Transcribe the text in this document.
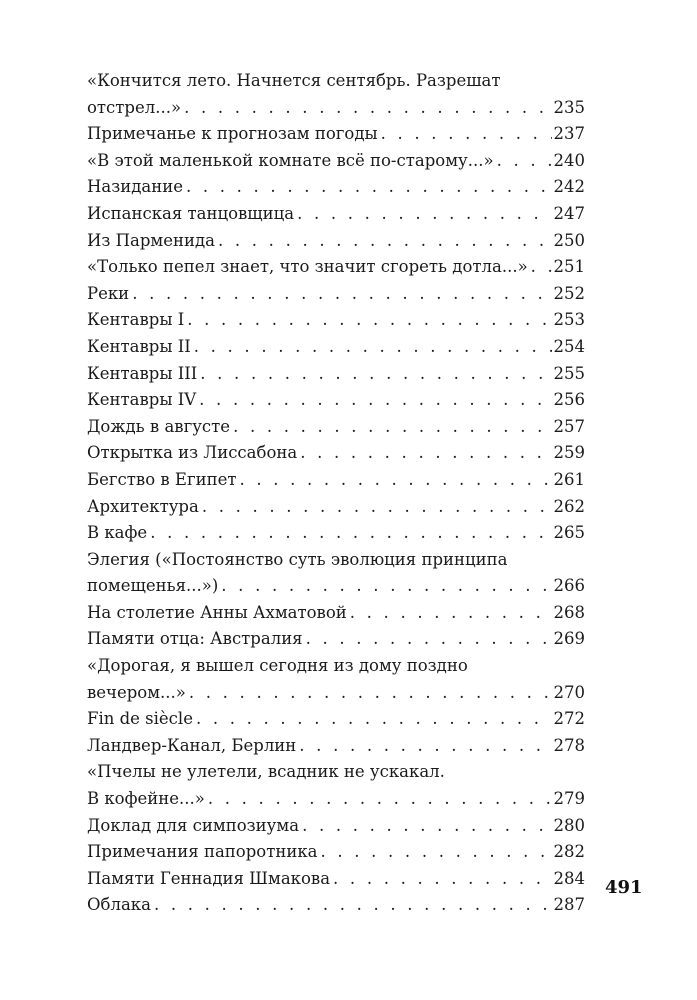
«Кончится лето. Начнется сентябрь. Разрешат
отстрел...» . . .	235
Примечанье к прогнозам погоды . . .	237
«В этой маленькой комнате всё по-старому...» . . .	240
Назидание . . .	242
Испанская танцовщица . . .	247
Из Парменида . . .	250
«Только пепел знает, что значит сгореть дотла...» . . . 251
Реки . . .	252
Кентавры I . . .	253
Кентавры II . . .	254
Кентавры III . . .	255
Кентавры IV . . .	256
Дождь в августе . . .	257
Открытка из Лиссабона . . .	259
Бегство в Египет . . .	261
Архитектура . . .	262
В кафе . . .	265
Элегия («Постоянство суть эволюция принципа
помещенья...») . . .	266
На столетие Анны Ахматовой . . .	268
Памяти отца: Австралия . . .	269
«Дорогая, я вышел сегодня из дому поздно
вечером...» . . .	270
Fin de siècle . . .	272
Ландвер-Канал, Берлин . . .	278
«Пчелы не улетели, всадник не ускакал.
В кофейне...» . . .	279
Доклад для симпозиума . . .	280
Примечания папоротника . . .	282
Памяти Геннадия Шмакова . . .	284
Облака . . .	287
491
